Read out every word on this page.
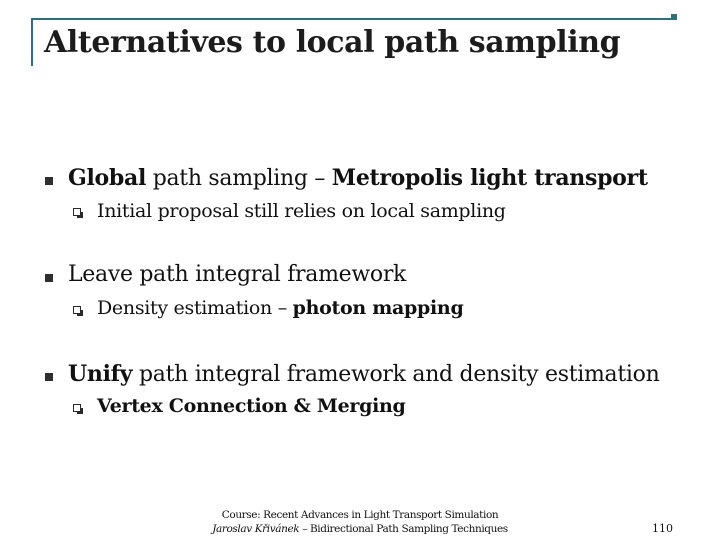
Alternatives to local path sampling
Global path sampling – Metropolis light transport
Initial proposal still relies on local sampling
Leave path integral framework
Density estimation – photon mapping
Unify path integral framework and density estimation
Vertex Connection & Merging
Course: Recent Advances in Light Transport Simulation
Jaroslav Křivánek – Bidirectional Path Sampling Techniques	110
